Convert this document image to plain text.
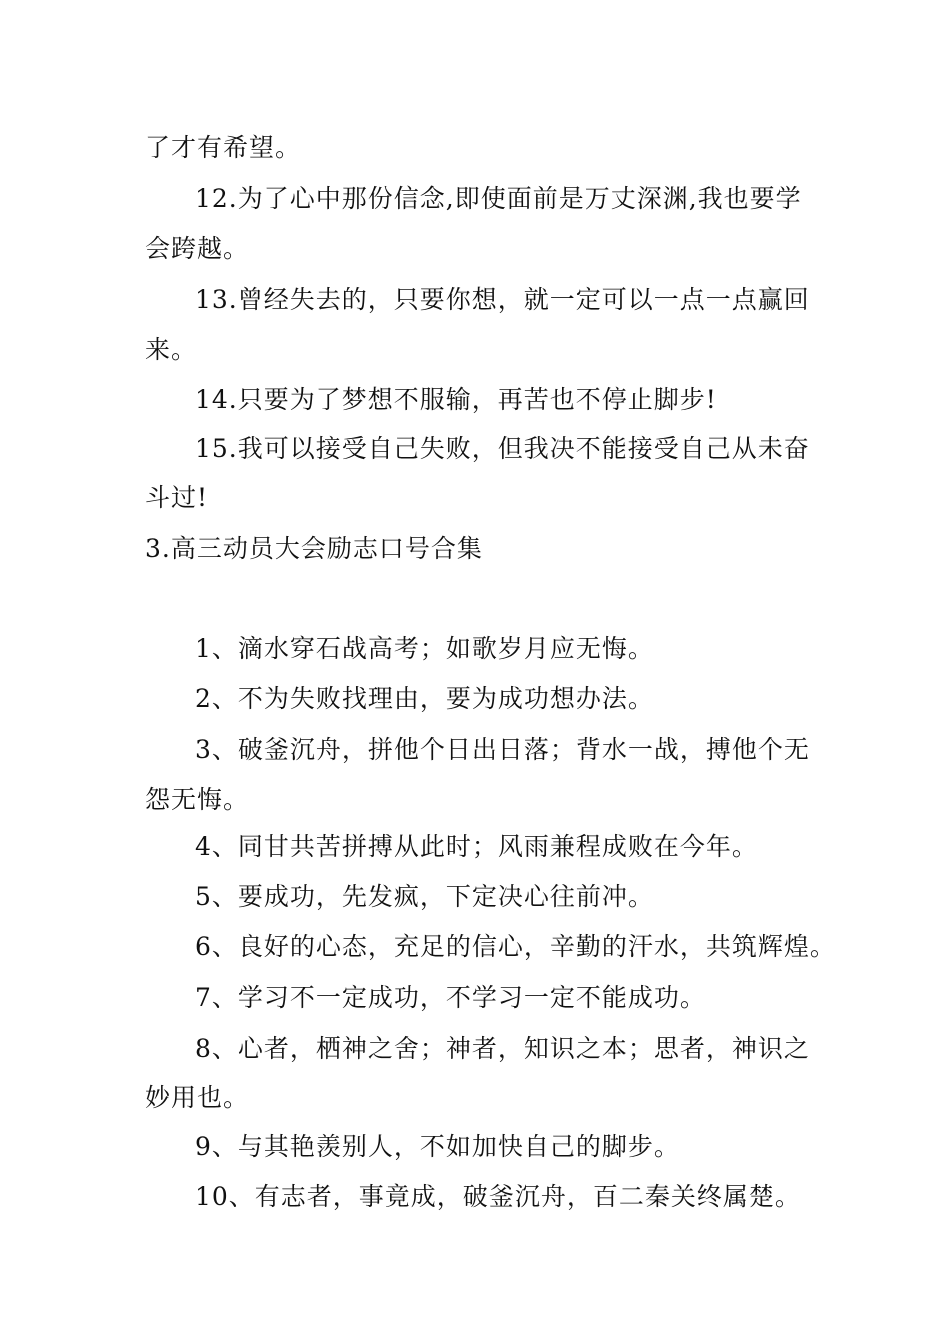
了才有希望。
12.为了心中那份信念,即使面前是万丈深渊,我也要学
会跨越。
13.曾经失去的，只要你想，就一定可以一点一点赢回
来。
14.只要为了梦想不服输，再苦也不停止脚步!
15.我可以接受自己失败，但我决不能接受自己从未奋
斗过!
3.高三动员大会励志口号合集
1、滴水穿石战高考；如歌岁月应无悔。
2、不为失败找理由，要为成功想办法。
3、破釜沉舟，拼他个日出日落；背水一战，搏他个无
怨无悔。
4、同甘共苦拼搏从此时；风雨兼程成败在今年。
5、要成功，先发疯，下定决心往前冲。
6、良好的心态，充足的信心，辛勤的汗水，共筑辉煌。
7、学习不一定成功，不学习一定不能成功。
8、心者，栖神之舍；神者，知识之本；思者，神识之
妙用也。
9、与其艳羡别人，不如加快自己的脚步。
10、有志者，事竟成，破釜沉舟，百二秦关终属楚。
